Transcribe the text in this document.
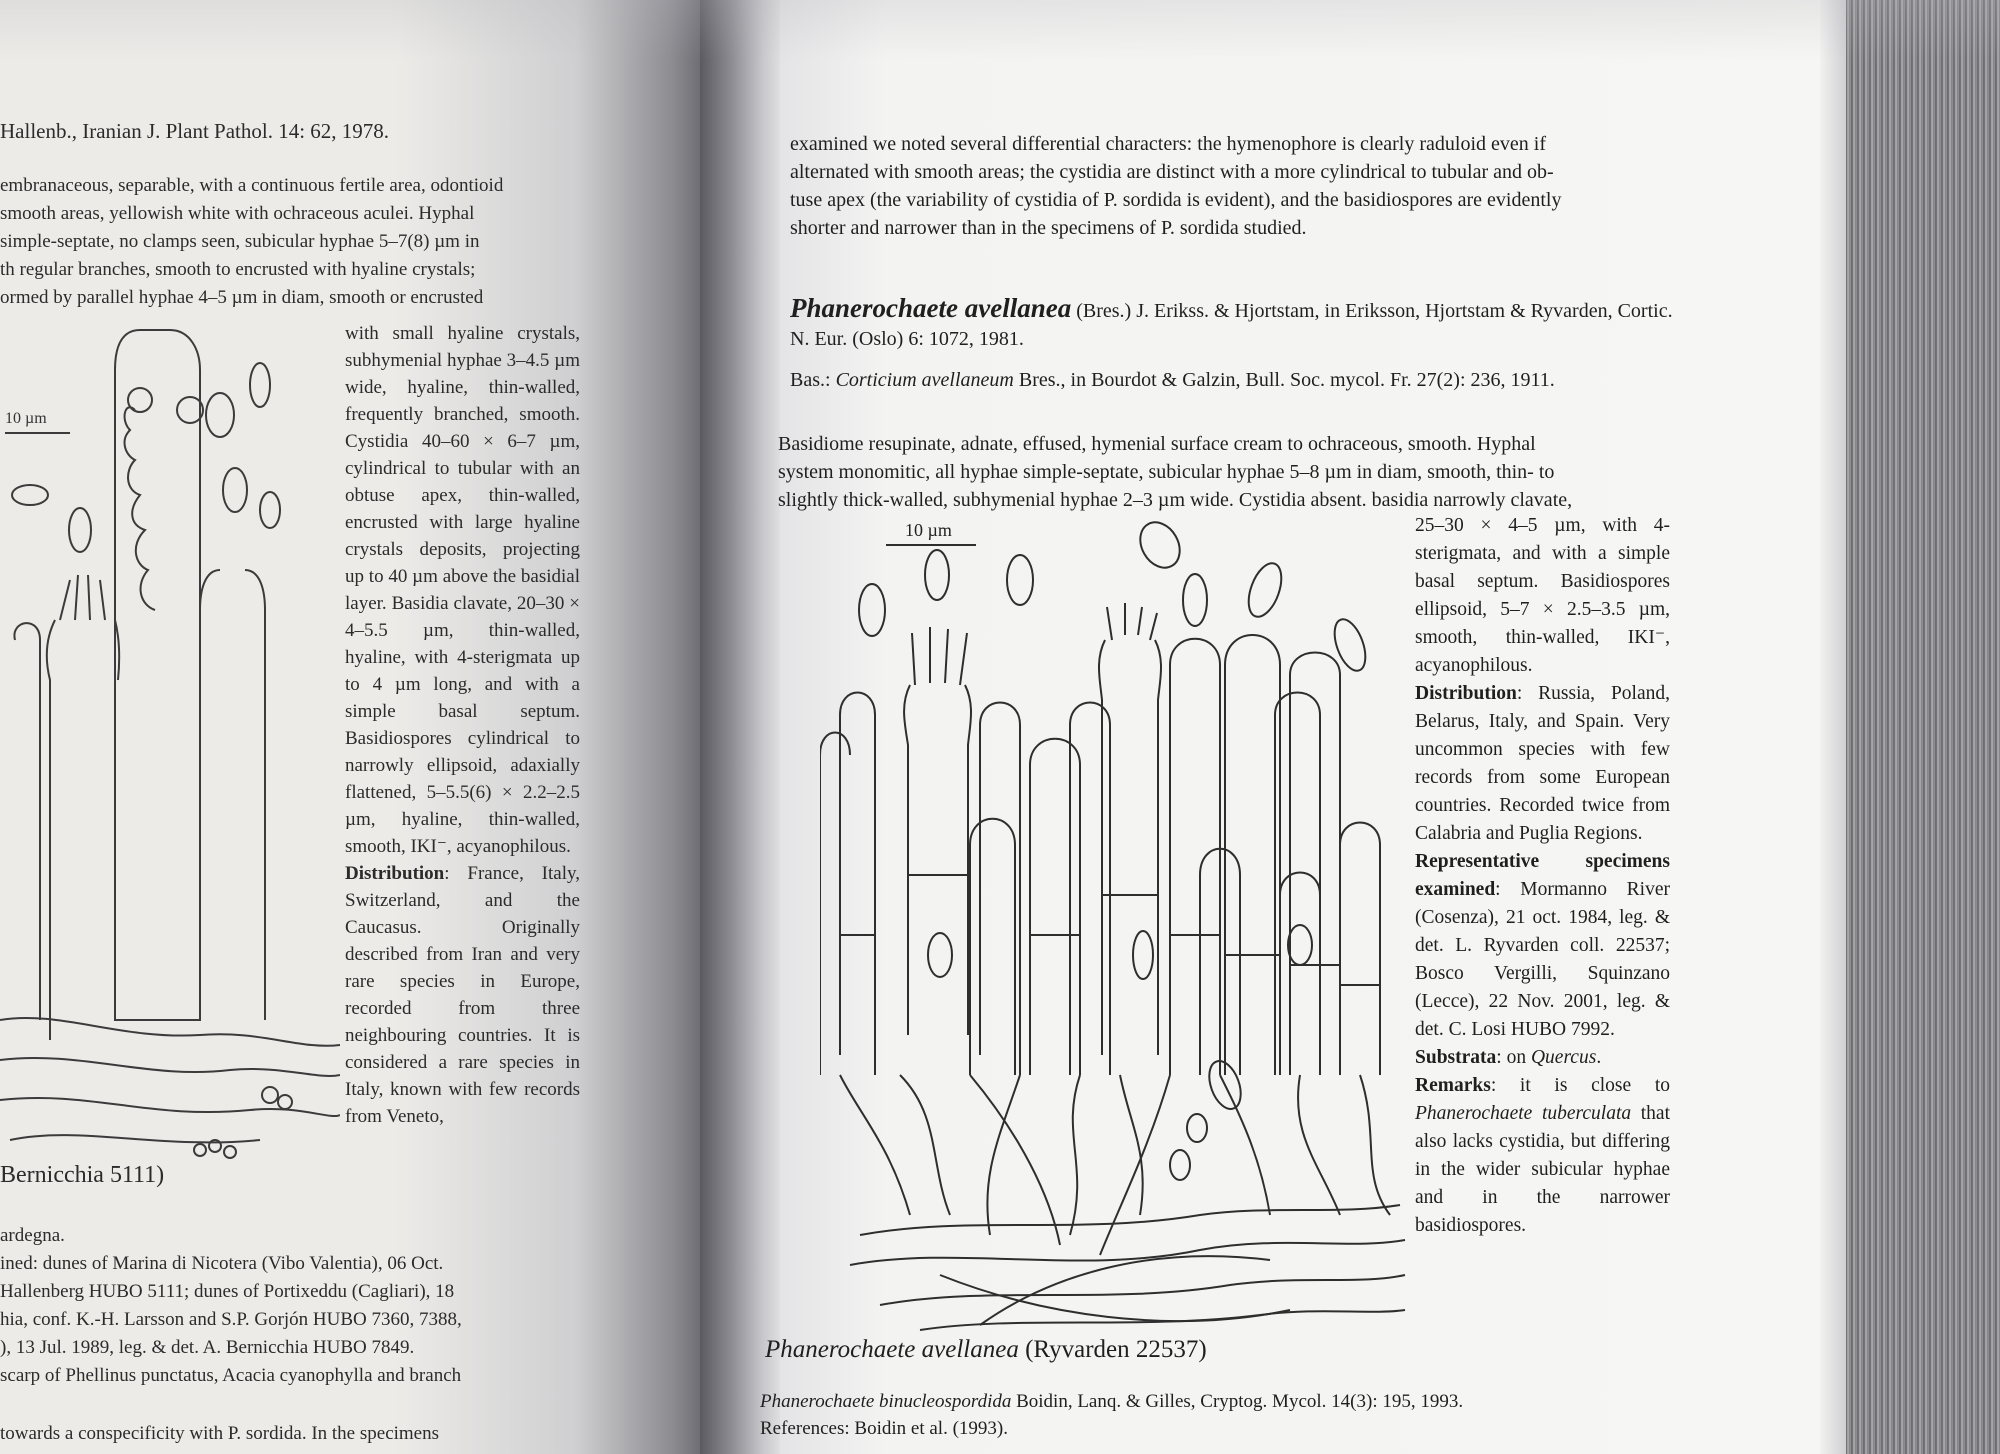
Hallenb., Iranian J. Plant Pathol. 14: 62, 1978.
embranaceous, separable, with a continuous fertile area, odontioid
smooth areas, yellowish white with ochraceous aculei. Hyphal
simple-septate, no clamps seen, subicular hyphae 5–7(8) µm in
th regular branches, smooth to encrusted with hyaline crystals;
ormed by parallel hyphae 4–5 µm in diam, smooth or encrusted

with small hyaline crystals, subhymenial hyphae 3–4.5 µm wide, hyaline, thin-walled, frequently branched, smooth. Cystidia 40–60 × 6–7 µm, cylindrical to tubular with an obtuse apex, thin-walled, encrusted with large hyaline crystals deposits, projecting up to 40 µm above the basidial layer. Basidia clavate, 20–30 × 4–5.5 µm, thin-walled, hyaline, with 4-sterigmata up to 4 µm long, and with a simple basal septum. Basidiospores cylindrical to narrowly ellipsoid, adaxially flattened, 5–5.5(6) × 2.2–2.5 µm, hyaline, thin-walled, smooth, IKI⁻, acyanophilous.

Distribution: France, Italy, Switzerland, and the Caucasus. Originally described from Iran and very rare species in Europe, recorded from three neighbouring countries. It is considered a rare species in Italy, known with few records from Veneto,

10 µm
Bernicchia 5111)
ardegna.
ined: dunes of Marina di Nicotera (Vibo Valentia), 06 Oct.
Hallenberg HUBO 5111; dunes of Portixeddu (Cagliari), 18
hia, conf. K.-H. Larsson and S.P. Gorjón HUBO 7360, 7388,
), 13 Jul. 1989, leg. & det. A. Bernicchia HUBO 7849.
scarp of Phellinus punctatus, Acacia cyanophylla and branch
towards a conspecificity with P. sordida. In the specimens
examined we noted several differential characters: the hymenophore is clearly raduloid even if
alternated with smooth areas; the cystidia are distinct with a more cylindrical to tubular and ob-
tuse apex (the variability of cystidia of P. sordida is evident), and the basidiospores are evidently
shorter and narrower than in the specimens of P. sordida studied.
Phanerochaete avellanea (Bres.) J. Erikss. & Hjortstam, in Eriksson, Hjortstam & Ryvarden, Cortic. N. Eur. (Oslo) 6: 1072, 1981.
Bas.: Corticium avellaneum Bres., in Bourdot & Galzin, Bull. Soc. mycol. Fr. 27(2): 236, 1911.
Basidiome resupinate, adnate, effused, hymenial surface cream to ochraceous, smooth. Hyphal
system monomitic, all hyphae simple-septate, subicular hyphae 5–8 µm in diam, smooth, thin- to
slightly thick-walled, subhymenial hyphae 2–3 µm wide. Cystidia absent. basidia narrowly clavate,

25–30 × 4–5 µm, with 4-sterigmata, and with a simple basal septum. Basidiospores ellipsoid, 5–7 × 2.5–3.5 µm, smooth, thin-walled, IKI⁻, acyanophilous.

Distribution: Russia, Poland, Belarus, Italy, and Spain. Very uncommon species with few records from some European countries. Recorded twice from Calabria and Puglia Regions.

Representative specimens examined: Mormanno River (Cosenza), 21 oct. 1984, leg. & det. L. Ryvarden coll. 22537; Bosco Vergilli, Squinzano (Lecce), 22 Nov. 2001, leg. & det. C. Losi HUBO 7992.

Substrata: on Quercus.

Remarks: it is close to Phanerochaete tuberculata that also lacks cystidia, but differing in the wider subicular hyphae and in the narrower basidiospores.

10 µm
Phanerochaete avellanea (Ryvarden 22537)
Phanerochaete binucleospordida Boidin, Lanq. & Gilles, Cryptog. Mycol. 14(3): 195, 1993.
References: Boidin et al. (1993).
